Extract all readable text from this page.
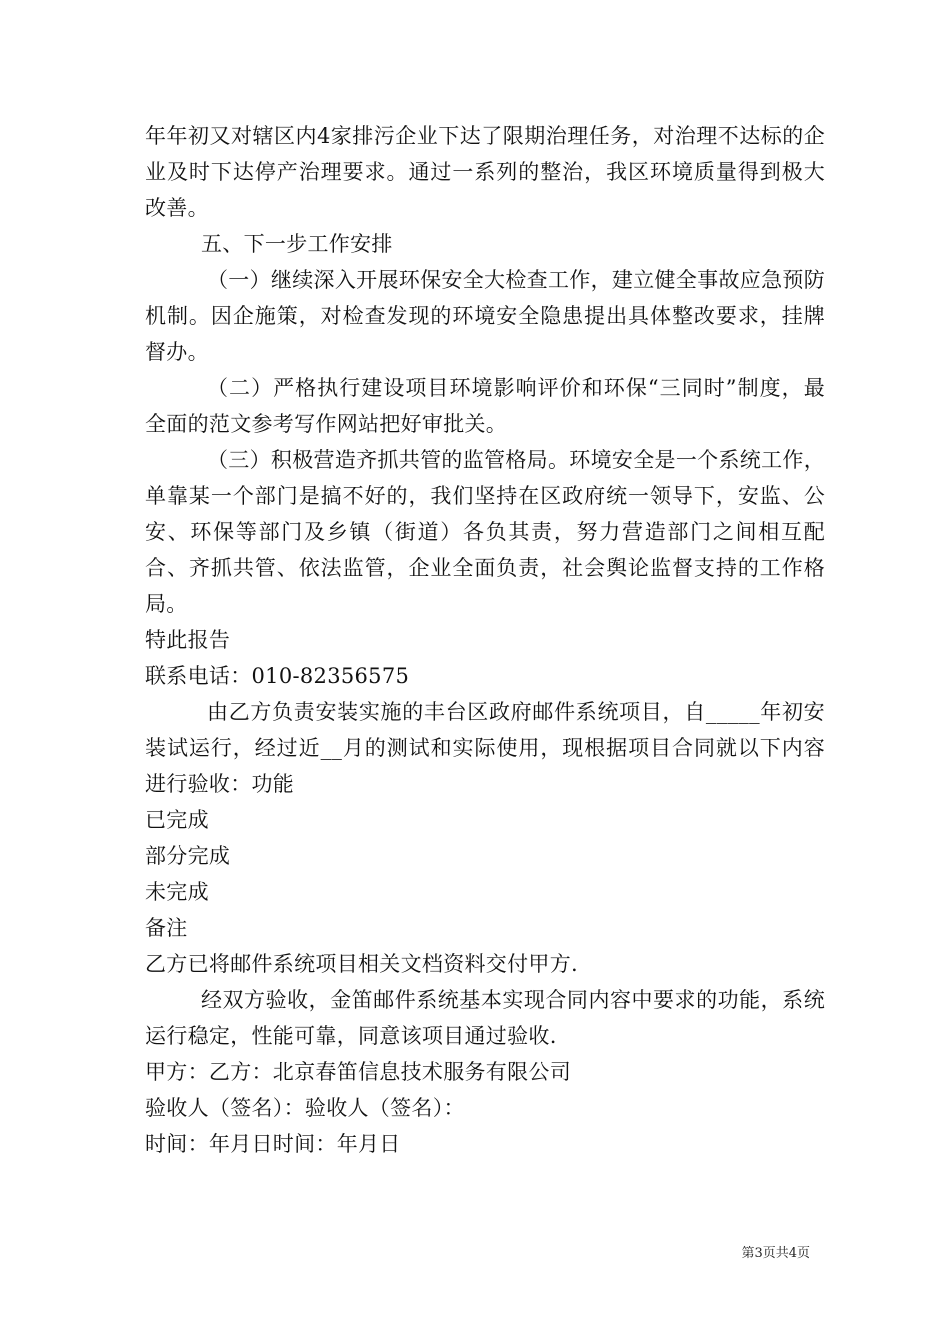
年年初又对辖区内4家排污企业下达了限期治理任务，对治理不达标的企业及时下达停产治理要求。通过一系列的整治，我区环境质量得到极大改善。

五、下一步工作安排

（一）继续深入开展环保安全大检查工作，建立健全事故应急预防机制。因企施策，对检查发现的环境安全隐患提出具体整改要求，挂牌督办。

（二）严格执行建设项目环境影响评价和环保“三同时”制度，最全面的范文参考写作网站把好审批关。

（三）积极营造齐抓共管的监管格局。环境安全是一个系统工作，单靠某一个部门是搞不好的，我们坚持在区政府统一领导下，安监、公安、环保等部门及乡镇（街道）各负其责，努力营造部门之间相互配合、齐抓共管、依法监管，企业全面负责，社会舆论监督支持的工作格局。

特此报告

联系电话：010-82356575

由乙方负责安装实施的丰台区政府邮件系统项目，自_____年初安装试运行，经过近__月的测试和实际使用，现根据项目合同就以下内容进行验收：功能

已完成

部分完成

未完成

备注

乙方已将邮件系统项目相关文档资料交付甲方.

经双方验收，金笛邮件系统基本实现合同内容中要求的功能，系统运行稳定，性能可靠，同意该项目通过验收.

甲方：乙方：北京春笛信息技术服务有限公司

验收人（签名）：验收人（签名）：

时间：年月日时间：年月日

第3页共4页
